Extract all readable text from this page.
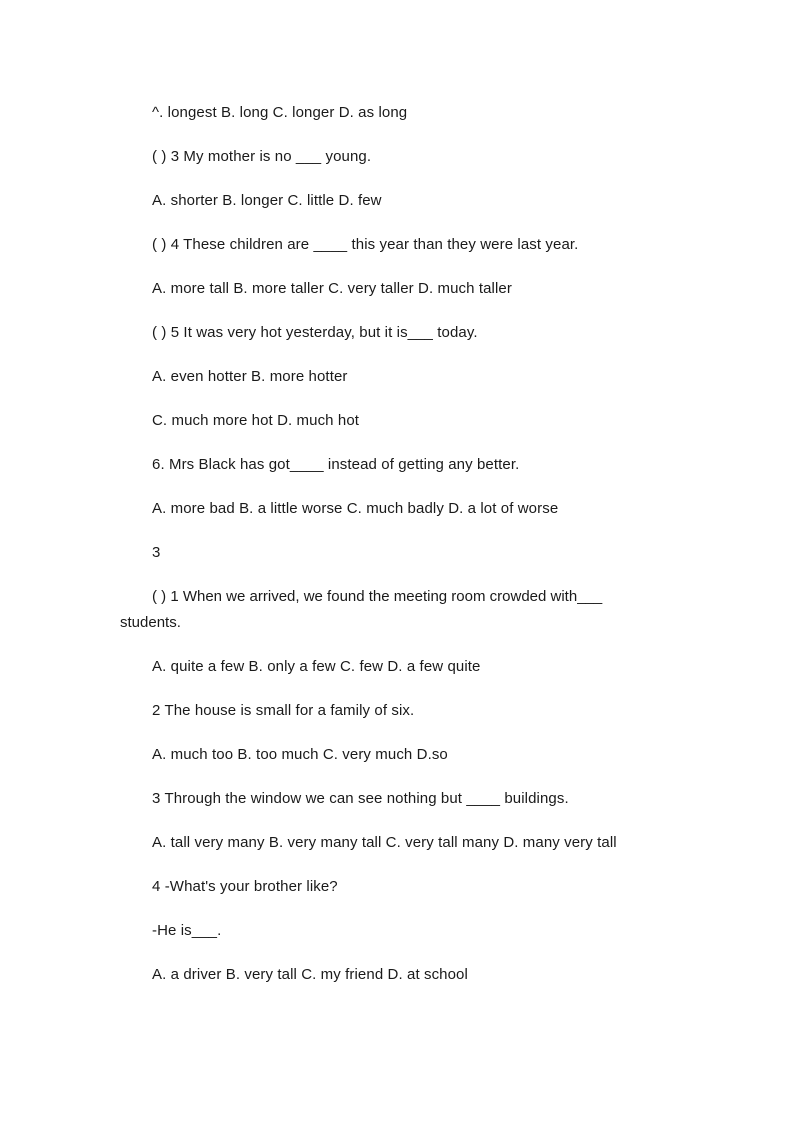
^. longest B. long C. longer D. as long
( ) 3 My mother is no ___ young.
A. shorter B. longer C. little D. few
( ) 4 These children are ____ this year than they were last year.
A. more tall B. more taller C. very taller D. much taller
( ) 5 It was very hot yesterday, but it is___ today.
A. even hotter B. more hotter
C. much more hot D. much hot
6. Mrs Black has got____ instead of getting any better.
A. more bad B. a little worse C. much badly D. a lot of worse
3
( ) 1 When we arrived, we found the meeting room crowded with___ students.
A. quite a few B. only a few C. few D. a few quite
2 The house is small for a family of six.
A. much too B. too much C. very much D.so
3 Through the window we can see nothing but ____ buildings.
A. tall very many B. very many tall C. very tall many D. many very tall
4 -What's your brother like?
-He is___.
A. a driver B. very tall C. my friend D. at school
